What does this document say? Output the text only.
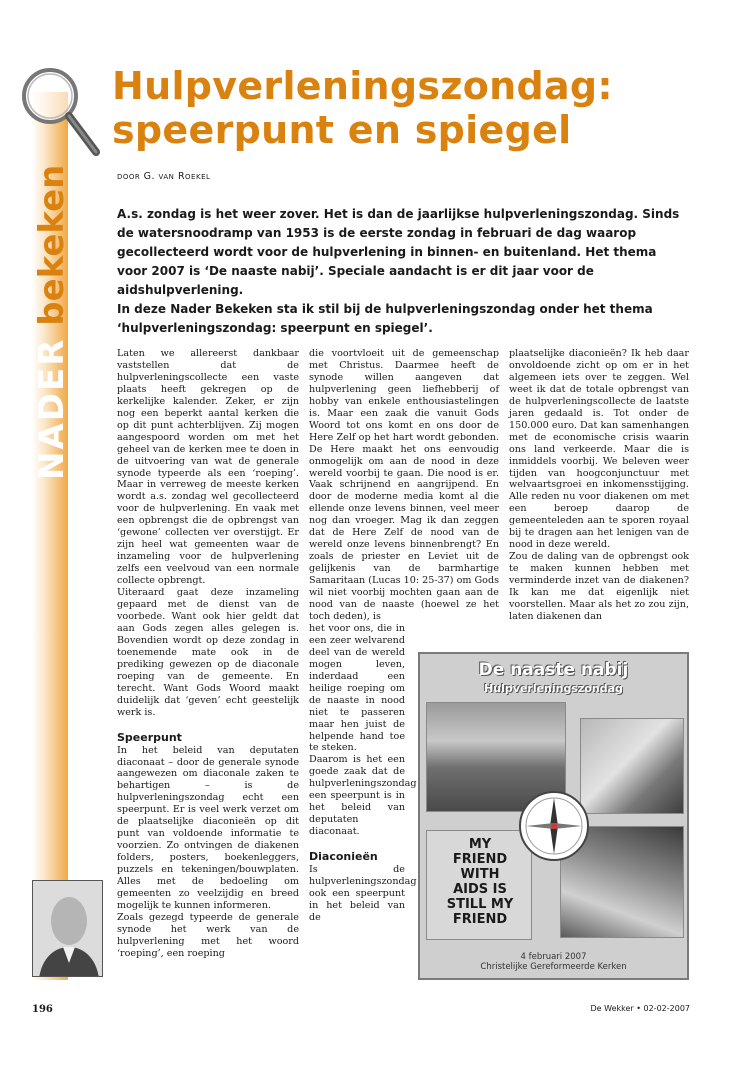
NADER bekeken
Hulpverleningszondag:
speerpunt en spiegel
door G. van Roekel

A.s. zondag is het weer zover. Het is dan de jaarlijkse hulpverleningszondag. Sinds de watersnoodramp van 1953 is de eerste zondag in februari de dag waarop gecollecteerd wordt voor de hulpverlening in binnen- en buitenland. Het thema voor 2007 is ‘De naaste nabij’. Speciale aandacht is er dit jaar voor de aidshulpverlening.

In deze Nader Bekeken sta ik stil bij de hulpverleningszondag onder het thema ‘hulpverleningszondag: speerpunt en spiegel’.

Laten we allereerst dankbaar vaststellen dat de hulpverleningscollecte een vaste plaats heeft gekregen op de kerkelijke kalender. Zeker, er zijn nog een beperkt aantal kerken die op dit punt achterblijven. Zij mogen aangespoord worden om met het geheel van de kerken mee te doen in de uitvoering van wat de generale synode typeerde als een ‘roeping’. Maar in verreweg de meeste kerken wordt a.s. zondag wel gecollecteerd voor de hulpverlening. En vaak met een opbrengst die de opbrengst van ‘gewone’ collecten ver overstijgt. Er zijn heel wat gemeenten waar de inzameling voor de hulpverlening zelfs een veelvoud van een normale collecte opbrengt.

Uiteraard gaat deze inzameling gepaard met de dienst van de voorbede. Want ook hier geldt dat aan Gods zegen alles gelegen is. Bovendien wordt op deze zondag in toenemende mate ook in de prediking gewezen op de diaconale roeping van de gemeente. En terecht. Want Gods Woord maakt duidelijk dat ‘geven’ echt geestelijk werk is.

Speerpunt

In het beleid van deputaten diaconaat – door de generale synode aangewezen om diaconale zaken te behartigen – is de hulpverleningszondag echt een speerpunt. Er is veel werk verzet om de plaatselijke diaconieën op dit punt van voldoende informatie te voorzien. Zo ontvingen de diakenen folders, posters, boekenleggers, puzzels en tekeningen/bouwplaten. Alles met de bedoeling om gemeenten zo veelzijdig en breed mogelijk te kunnen informeren.

Zoals gezegd typeerde de generale synode het werk van de hulpverlening met het woord ‘roeping’, een roeping

die voortvloeit uit de gemeenschap met Christus. Daarmee heeft de synode willen aangeven dat hulpverlening geen liefhebberij of hobby van enkele enthousiastelingen is. Maar een zaak die vanuit Gods Woord tot ons komt en ons door de Here Zelf op het hart wordt gebonden. De Here maakt het ons eenvoudig onmogelijk om aan de nood in deze wereld voorbij te gaan. Die nood is er. Vaak schrijnend en aangrijpend. En door de moderne media komt al die ellende onze levens binnen, veel meer nog dan vroeger. Mag ik dan zeggen dat de Here Zelf de nood van de wereld onze levens binnenbrengt? En zoals de priester en Leviet uit de gelijkenis van de barmhartige Samaritaan (Lucas 10: 25-37) om Gods wil niet voorbij mochten gaan aan de nood van de naaste (hoewel ze het toch deden), is

het voor ons, die in een zeer welvarend deel van de wereld mogen leven, inderdaad een heilige roeping om de naaste in nood niet te passeren maar hen juist de helpende hand toe te steken.

Daarom is het een goede zaak dat de hulpverleningszondag een speerpunt is in het beleid van deputaten diaconaat.

Diaconieën

Is de hulpverleningszondag ook een speerpunt in het beleid van de

plaatselijke diaconieën? Ik heb daar onvoldoende zicht op om er in het algemeen iets over te zeggen. Wel weet ik dat de totale opbrengst van de hulpverleningscollecte de laatste jaren gedaald is. Tot onder de 150.000 euro. Dat kan samenhangen met de economische crisis waarin ons land verkeerde. Maar die is inmiddels voorbij. We beleven weer tijden van hoogconjunctuur met welvaartsgroei en inkomensstijging. Alle reden nu voor diakenen om met een beroep daarop de gemeenteleden aan te sporen royaal bij te dragen aan het lenigen van de nood in deze wereld.

Zou de daling van de opbrengst ook te maken kunnen hebben met verminderde inzet van de diakenen? Ik kan me dat eigenlijk niet voorstellen. Maar als het zo zou zijn, laten diakenen dan

De naaste nabij
Hulpverleningszondag
MY
FRIEND
WITH
AIDS IS
STILL MY
FRIEND
4 februari 2007
Christelijke Gereformeerde Kerken
196	De Wekker • 02-02-2007
